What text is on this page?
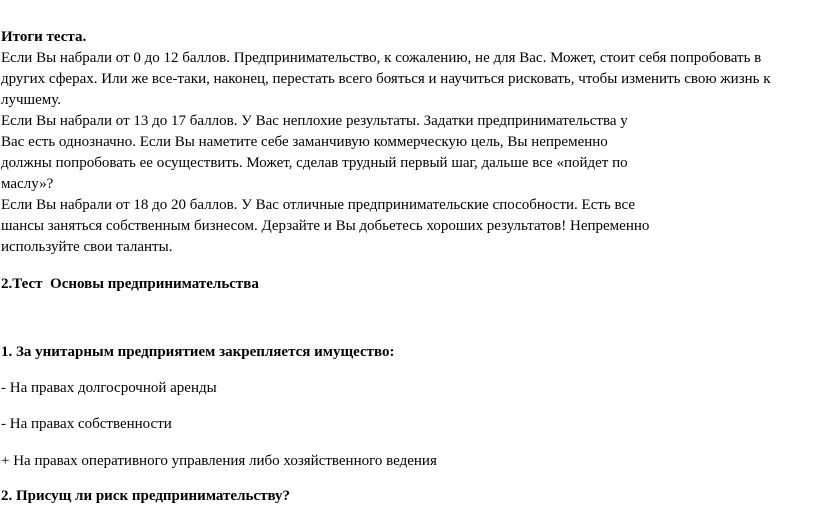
Итоги теста.
Если Вы набрали от 0 до 12 баллов. Предпринимательство, к сожалению, не для Вас. Может, стоит себя попробовать в
других сферах. Или же все-таки, наконец, перестать всего бояться и научиться рисковать, чтобы изменить свою жизнь к
лучшему.
Если Вы набрали от 13 до 17 баллов. У Вас неплохие результаты. Задатки предпринимательства у
Вас есть однозначно. Если Вы наметите себе заманчивую коммерческую цель, Вы непременно
должны попробовать ее осуществить. Может, сделав трудный первый шаг, дальше все «пойдет по
маслу»?
Если Вы набрали от 18 до 20 баллов. У Вас отличные предпринимательские способности. Есть все
шансы заняться собственным бизнесом. Дерзайте и Вы добьетесь хороших результатов! Непременно
используйте свои таланты.
2.Тест  Основы предпринимательства
1. За унитарным предприятием закрепляется имущество:
- На правах долгосрочной аренды
- На правах собственности
+ На правах оперативного управления либо хозяйственного ведения
2. Присущ ли риск предпринимательству?
